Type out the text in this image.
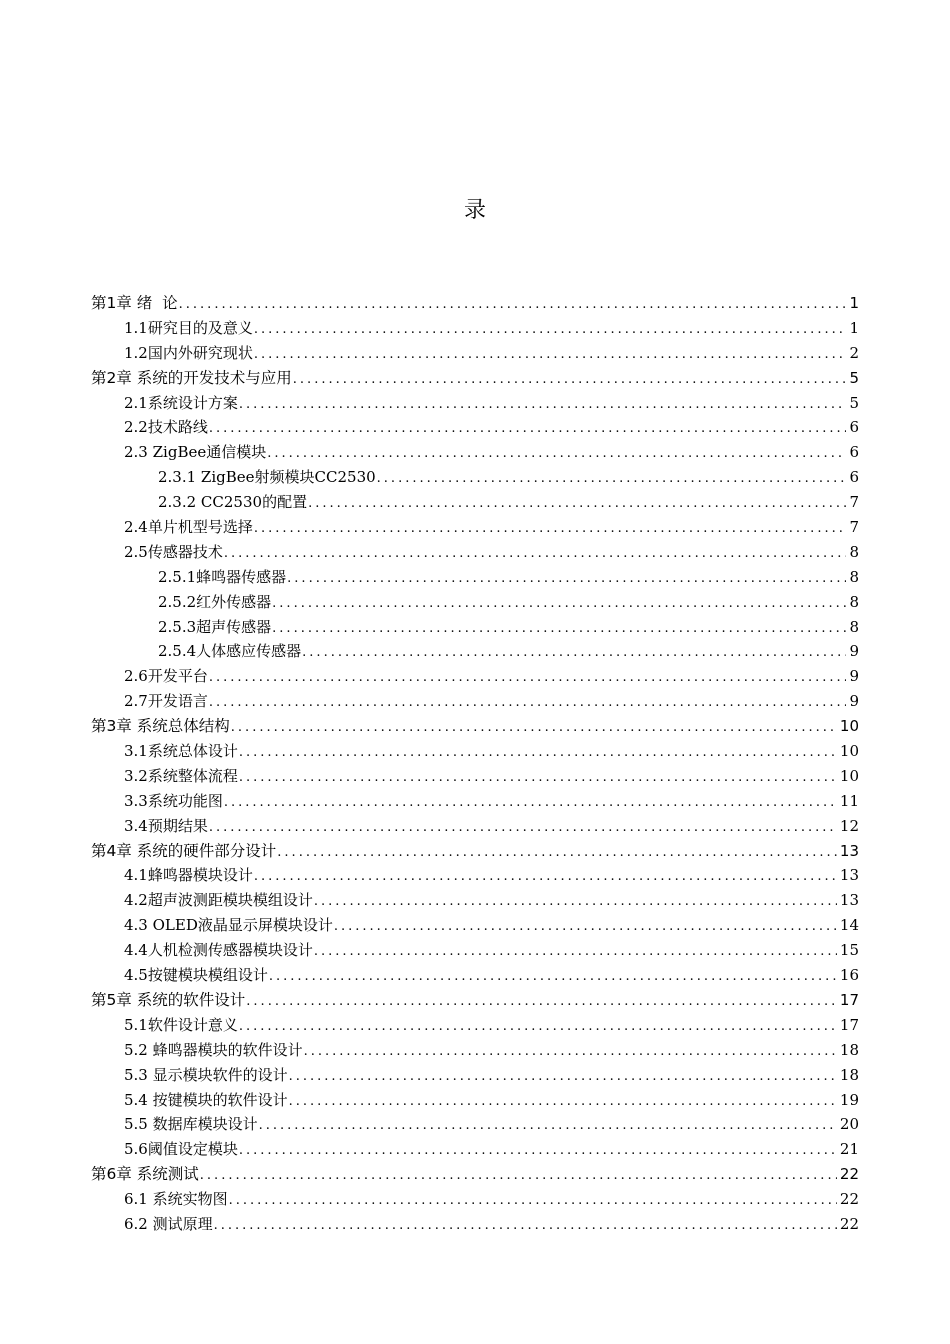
录
第1章 绪  论 .....	1
1.1研究目的及意义 .....	1
1.2国内外研究现状 .....	2
第2章 系统的开发技术与应用 .....	5
2.1系统设计方案 .....	5
2.2技术路线 .....	6
2.3 ZigBee通信模块 .....	6
2.3.1 ZigBee射频模块CC2530 .....	6
2.3.2 CC2530的配置 .....	7
2.4单片机型号选择 .....	7
2.5传感器技术 .....	8
2.5.1蜂鸣器传感器 .....	8
2.5.2红外传感器 .....	8
2.5.3超声传感器 .....	8
2.5.4人体感应传感器 .....	9
2.6开发平台 .....	9
2.7开发语言 .....	9
第3章 系统总体结构 .....	10
3.1系统总体设计 .....	10
3.2系统整体流程 .....	10
3.3系统功能图 .....	11
3.4预期结果 .....	12
第4章 系统的硬件部分设计 .....	13
4.1蜂鸣器模块设计 .....	13
4.2超声波测距模块模组设计 .....	13
4.3 OLED液晶显示屏模块设计 .....	14
4.4人机检测传感器模块设计 .....	15
4.5按键模块模组设计 .....	16
第5章 系统的软件设计 .....	17
5.1软件设计意义 .....	17
5.2 蜂鸣器模块的软件设计 .....	18
5.3 显示模块软件的设计 .....	18
5.4 按键模块的软件设计 .....	19
5.5 数据库模块设计 .....	20
5.6阈值设定模块 .....	21
第6章 系统测试 .....	22
6.1 系统实物图 .....	22
6.2 测试原理 .....	22
